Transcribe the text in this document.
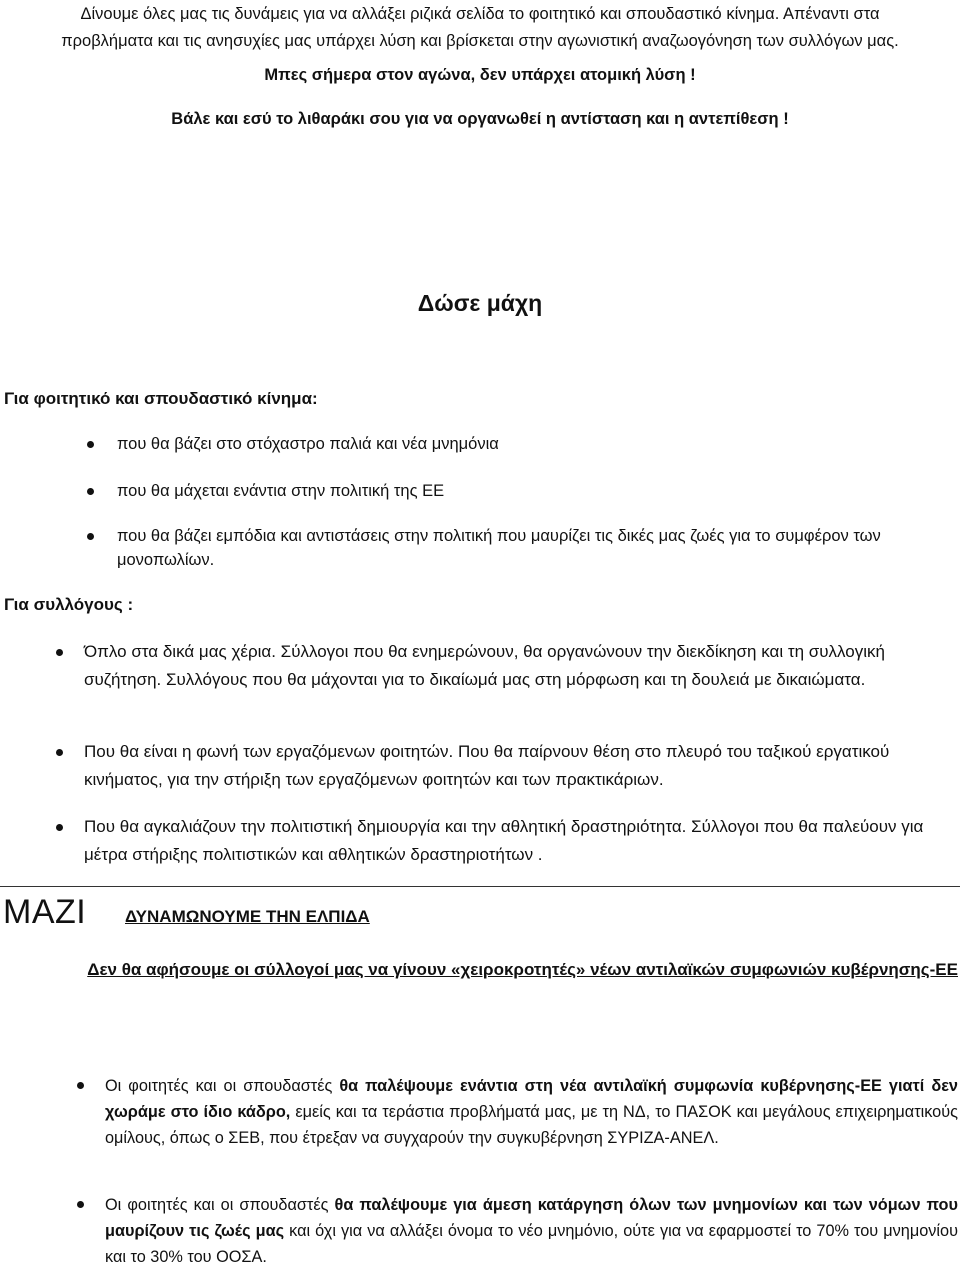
Δίνουμε όλες μας τις δυνάμεις για να αλλάξει ριζικά σελίδα το φοιτητικό και σπουδαστικό κίνημα. Απέναντι στα
προβλήματα και τις ανησυχίες μας υπάρχει λύση και βρίσκεται στην αγωνιστική αναζωογόνηση των συλλόγων μας.

Μπες σήμερα στον αγώνα, δεν υπάρχει ατομική λύση !

Βάλε και εσύ το λιθαράκι σου για να οργανωθεί η αντίσταση και η αντεπίθεση !

Δώσε μάχη
Για φοιτητικό και σπουδαστικό κίνημα:
που θα βάζει στο στόχαστρο παλιά και νέα μνημόνια
που θα μάχεται ενάντια στην πολιτική της ΕΕ
που θα βάζει εμπόδια και αντιστάσεις στην πολιτική που μαυρίζει τις δικές μας ζωές για το συμφέρον των μονοπωλίων.
Για συλλόγους :
Όπλο στα δικά μας χέρια. Σύλλογοι που θα ενημερώνουν, θα οργανώνουν την διεκδίκηση και τη συλλογική συζήτηση. Συλλόγους που θα μάχονται για το δικαίωμά μας στη μόρφωση και τη δουλειά με δικαιώματα.
Που θα είναι η φωνή των εργαζόμενων φοιτητών. Που θα παίρνουν θέση στο πλευρό του ταξικού εργατικού κινήματος, για την στήριξη των εργαζόμενων φοιτητών και των πρακτικάριων.
Που θα αγκαλιάζουν την πολιτιστική δημιουργία και την αθλητική δραστηριότητα. Σύλλογοι που θα παλεύουν για μέτρα στήριξης πολιτιστικών και αθλητικών δραστηριοτήτων .
ΜΑΖΙ ΔΥΝΑΜΩΝΟΥΜΕ ΤΗΝ ΕΛΠΙΔΑ

Δεν θα αφήσουμε οι σύλλογοί μας να γίνουν «χειροκροτητές» νέων αντιλαϊκών συμφωνιών κυβέρνησης-ΕΕ

Οι φοιτητές και οι σπουδαστές θα παλέψουμε ενάντια στη νέα αντιλαϊκή συμφωνία κυβέρνησης-ΕΕ γιατί δεν χωράμε στο ίδιο κάδρο, εμείς και τα τεράστια προβλήματά μας, με τη ΝΔ, το ΠΑΣΟΚ και μεγάλους επιχειρηματικούς ομίλους, όπως ο ΣΕΒ, που έτρεξαν να συγχαρούν την συγκυβέρνηση ΣΥΡΙΖΑ-ΑΝΕΛ.
Οι φοιτητές και οι σπουδαστές θα παλέψουμε για άμεση κατάργηση όλων των μνημονίων και των νόμων που μαυρίζουν τις ζωές μας και όχι για να αλλάξει όνομα το νέο μνημόνιο, ούτε για να εφαρμοστεί το 70% του μνημονίου και το 30% του ΟΟΣΑ.
